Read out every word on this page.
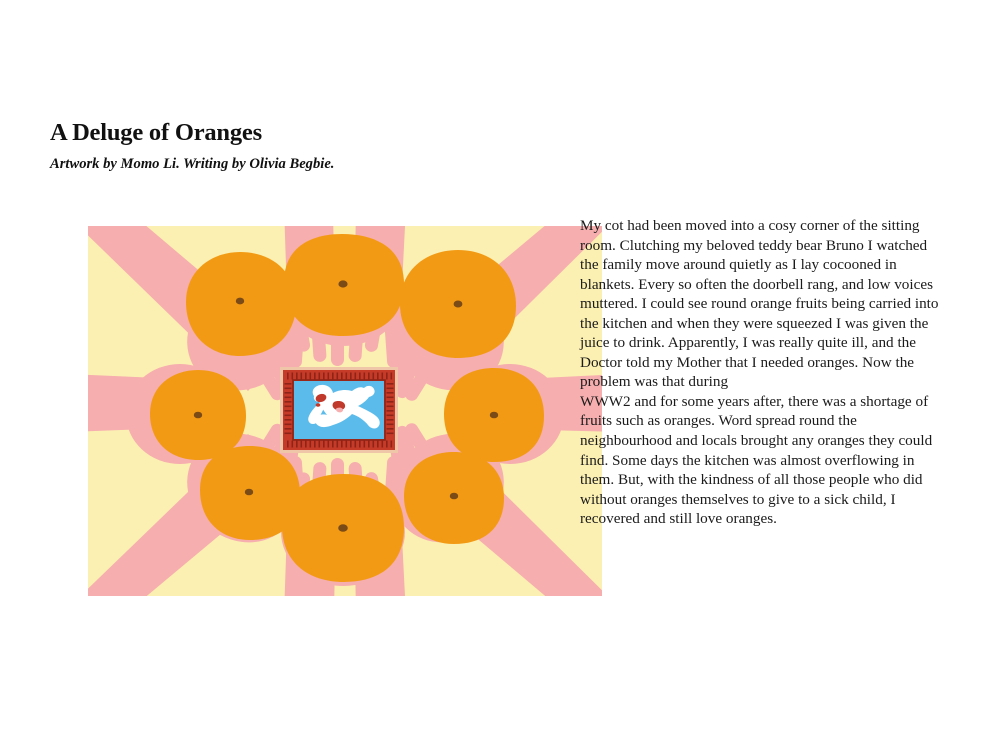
A Deluge of Oranges
Artwork by Momo Li. Writing by Olivia Begbie.

My cot had been moved into a cosy corner of the sitting room. Clutching my beloved teddy bear Bruno I watched the family move around quietly as I lay cocooned in blankets. Every so often the doorbell rang, and low voices muttered. I could see round orange fruits being carried into the kitchen and when they were squeezed I was given the juice to drink. Apparently, I was really quite ill, and the Doctor told my Mother that I needed oranges. Now the problem was that during

WWW2 and for some years after, there was a shortage of fruits such as oranges. Word spread round the neighbourhood and locals brought any oranges they could find. Some days the kitchen was almost overflowing in them. But, with the kindness of all those people who did without oranges themselves to give to a sick child, I recovered and still love oranges.
